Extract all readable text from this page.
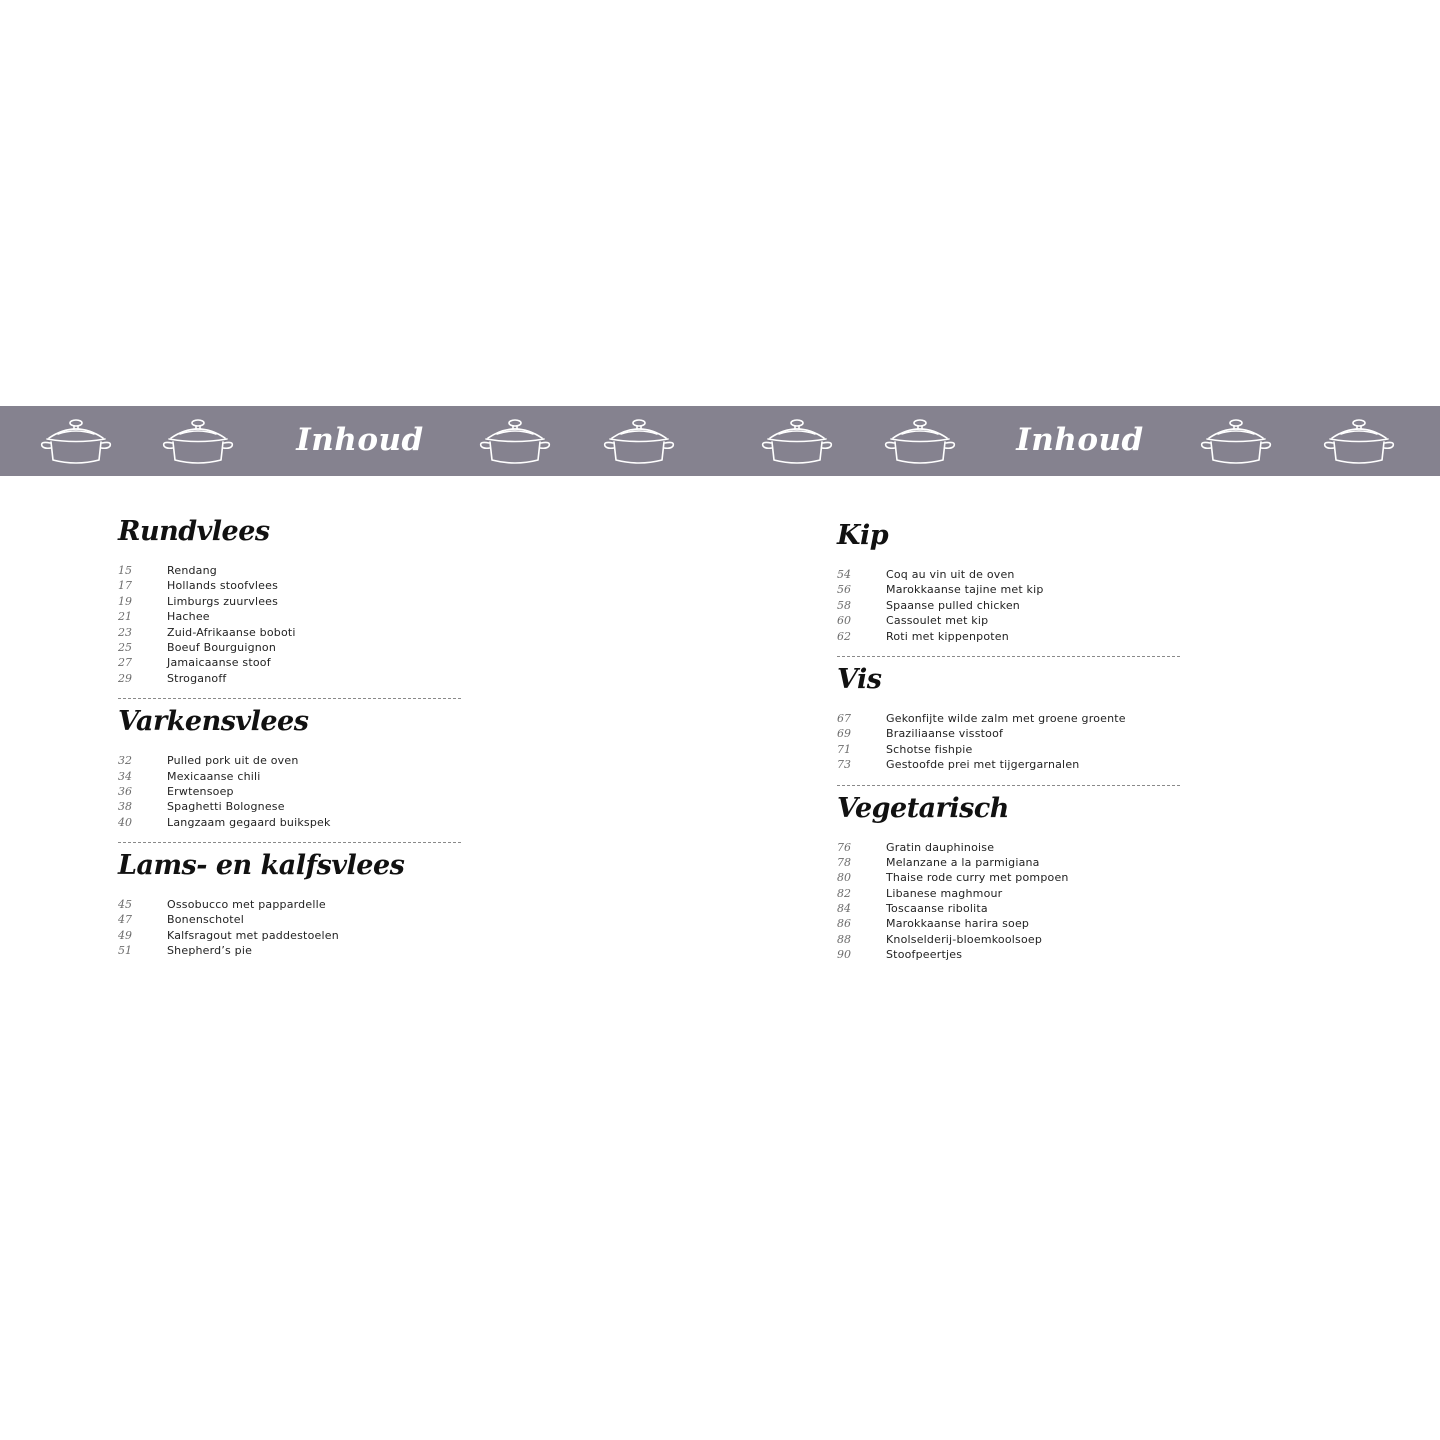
Inhoud	Inhoud
Rundvlees
15	Rendang
17	Hollands stoofvlees
19	Limburgs zuurvlees
21	Hachee
23	Zuid-Afrikaanse boboti
25	Boeuf Bourguignon
27	Jamaicaanse stoof
29	Stroganoff
Varkensvlees
32	Pulled pork uit de oven
34	Mexicaanse chili
36	Erwtensoep
38	Spaghetti Bolognese
40	Langzaam gegaard buikspek
Lams- en kalfsvlees
45	Ossobucco met pappardelle
47	Bonenschotel
49	Kalfsragout met paddestoelen
51	Shepherd’s pie
Kip
54	Coq au vin uit de oven
56	Marokkaanse tajine met kip
58	Spaanse pulled chicken
60	Cassoulet met kip
62	Roti met kippenpoten
Vis
67	Gekonfijte wilde zalm met groene groente
69	Braziliaanse visstoof
71	Schotse fishpie
73	Gestoofde prei met tijgergarnalen
Vegetarisch
76	Gratin dauphinoise
78	Melanzane a la parmigiana
80	Thaise rode curry met pompoen
82	Libanese maghmour
84	Toscaanse ribolita
86	Marokkaanse harira soep
88	Knolselderij-bloemkoolsoep
90	Stoofpeertjes
